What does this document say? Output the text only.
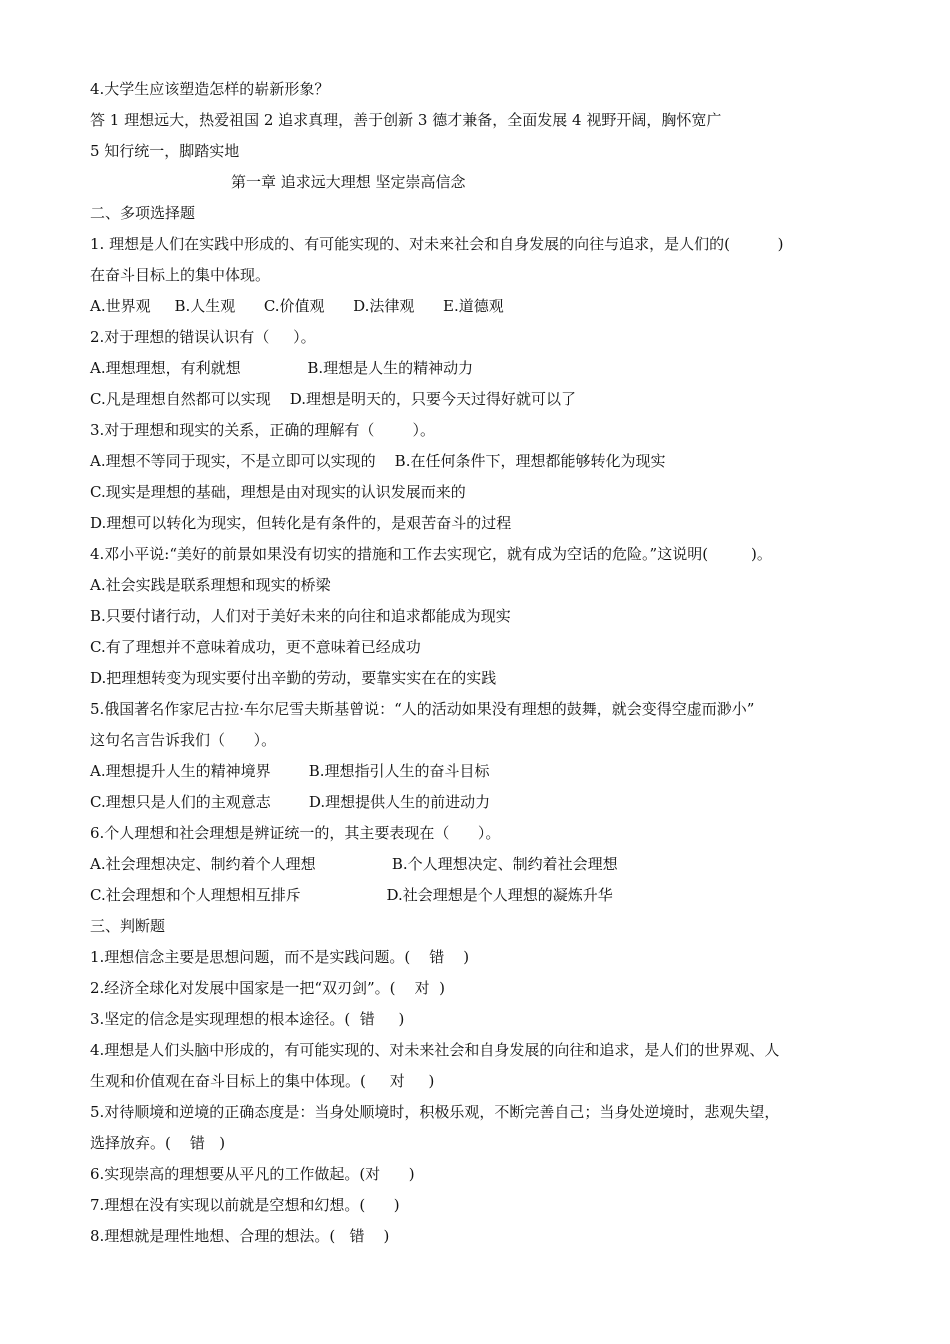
4.大学生应该塑造怎样的崭新形象？

答 1 理想远大，热爱祖国 2 追求真理，善于创新 3 德才兼备，全面发展 4 视野开阔，胸怀宽广

5 知行统一，脚踏实地

第一章 追求远大理想 坚定崇高信念

二、多项选择题

1. 理想是人们在实践中形成的、有可能实现的、对未来社会和自身发展的向往与追求，是人们的(          )

在奋斗目标上的集中体现。

A.世界观     B.人生观      C.价值观      D.法律观      E.道德观

2.对于理想的错误认识有（     ）。

A.理想理想，有利就想              B.理想是人生的精神动力

C.凡是理想自然都可以实现    D.理想是明天的，只要今天过得好就可以了

3.对于理想和现实的关系，正确的理解有（        ）。

A.理想不等同于现实，不是立即可以实现的    B.在任何条件下，理想都能够转化为现实

C.现实是理想的基础，理想是由对现实的认识发展而来的

D.理想可以转化为现实，但转化是有条件的，是艰苦奋斗的过程

4.邓小平说:“美好的前景如果没有切实的措施和工作去实现它，就有成为空话的危险。”这说明(         )。

A.社会实践是联系理想和现实的桥梁

B.只要付诸行动，人们对于美好未来的向往和追求都能成为现实

C.有了理想并不意味着成功，更不意味着已经成功

D.把理想转变为现实要付出辛勤的劳动，要靠实实在在的实践

5.俄国著名作家尼古拉·车尔尼雪夫斯基曾说：“人的活动如果没有理想的鼓舞，就会变得空虚而渺小”

这句名言告诉我们（      ）。

A.理想提升人生的精神境界        B.理想指引人生的奋斗目标

C.理想只是人们的主观意志        D.理想提供人生的前进动力

6.个人理想和社会理想是辨证统一的，其主要表现在（      ）。

A.社会理想决定、制约着个人理想                B.个人理想决定、制约着社会理想

C.社会理想和个人理想相互排斥                  D.社会理想是个人理想的凝炼升华

三、判断题

1.理想信念主要是思想问题，而不是实践问题。(    错    )

2.经济全球化对发展中国家是一把“双刃剑”。(    对  )

3.坚定的信念是实现理想的根本途径。(  错     )

4.理想是人们头脑中形成的，有可能实现的、对未来社会和自身发展的向往和追求，是人们的世界观、人

生观和价值观在奋斗目标上的集中体现。(     对     )

5.对待顺境和逆境的正确态度是：当身处顺境时，积极乐观，不断完善自己；当身处逆境时，悲观失望，

选择放弃。(    错   )

6.实现崇高的理想要从平凡的工作做起。(对      )

7.理想在没有实现以前就是空想和幻想。(      )

8.理想就是理性地想、合理的想法。(   错    )
